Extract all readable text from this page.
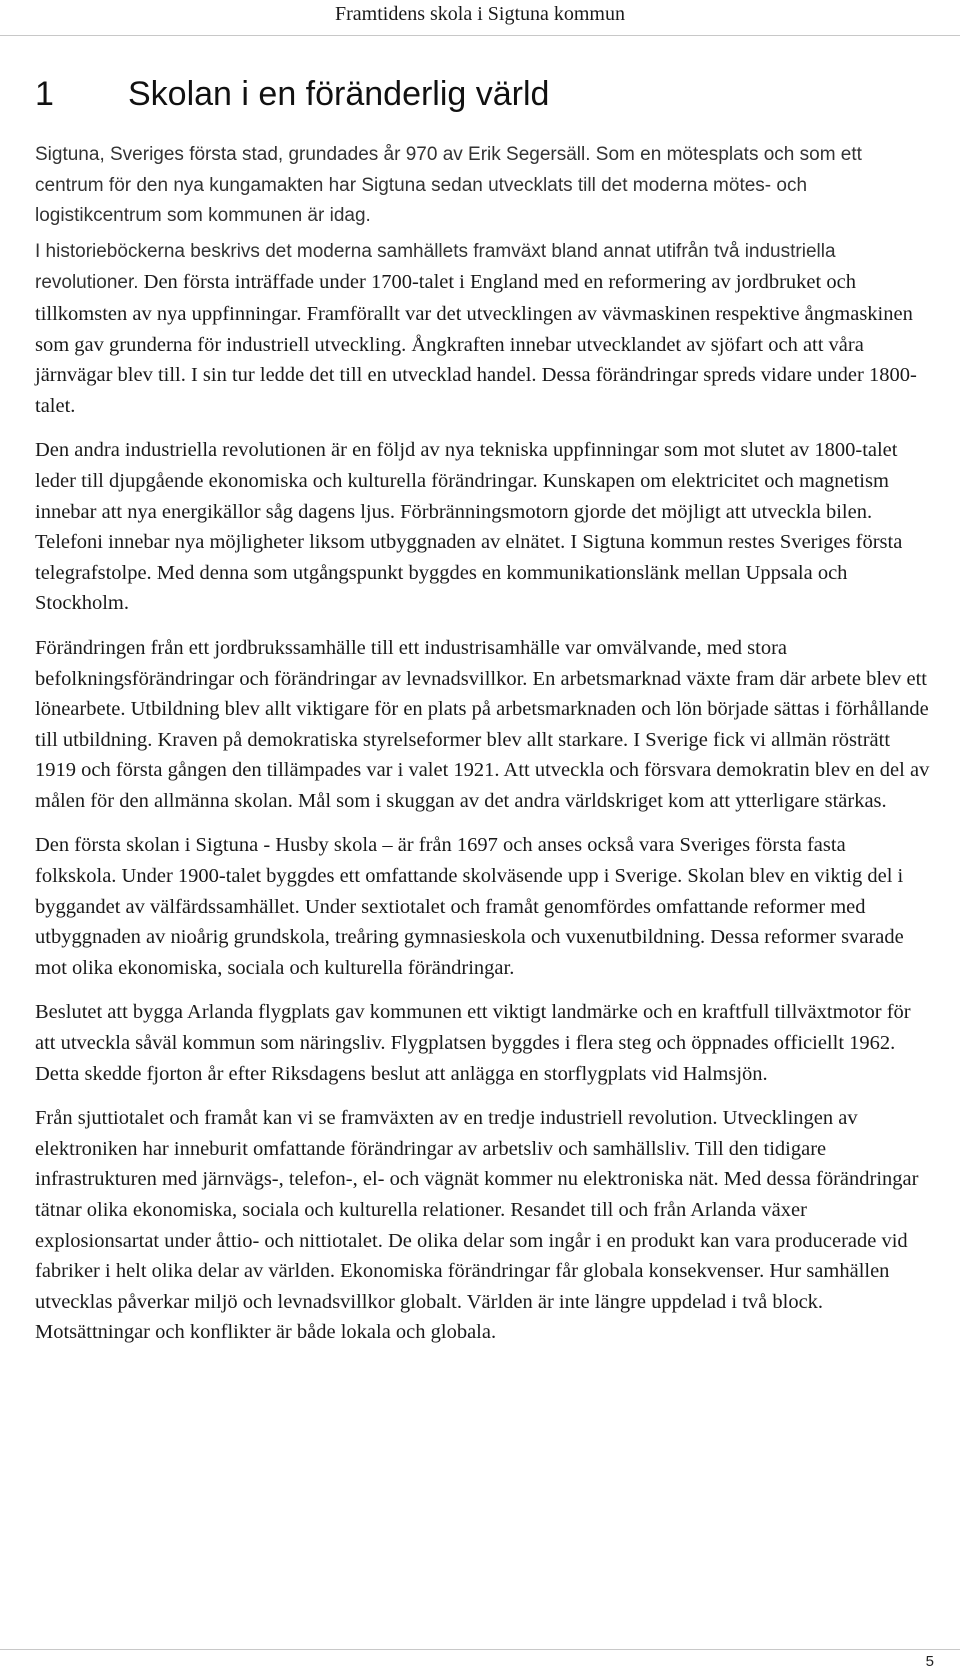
Framtidens skola i Sigtuna kommun
1 Skolan i en föränderlig värld

Sigtuna, Sveriges första stad, grundades år 970 av Erik Segersäll. Som en mötesplats och som ett centrum för den nya kungamakten har Sigtuna sedan utvecklats till det moderna mötes- och logistikcentrum som kommunen är idag.

I historieböckerna beskrivs det moderna samhällets framväxt bland annat utifrån två industriella revolutioner. Den första inträffade under 1700-talet i England med en reformering av jordbruket och tillkomsten av nya uppfinningar. Framförallt var det utvecklingen av vävmaskinen respektive ångmaskinen som gav grunderna för industriell utveckling. Ångkraften innebar utvecklandet av sjöfart och att våra järnvägar blev till. I sin tur ledde det till en utvecklad handel. Dessa förändringar spreds vidare under 1800-talet.

Den andra industriella revolutionen är en följd av nya tekniska uppfinningar som mot slutet av 1800-talet leder till djupgående ekonomiska och kulturella förändringar. Kunskapen om elektricitet och magnetism innebar att nya energikällor såg dagens ljus. Förbränningsmotorn gjorde det möjligt att utveckla bilen. Telefoni innebar nya möjligheter liksom utbyggnaden av elnätet. I Sigtuna kommun restes Sveriges första telegrafstolpe. Med denna som utgångspunkt byggdes en kommunikationslänk mellan Uppsala och Stockholm.

Förändringen från ett jordbrukssamhälle till ett industrisamhälle var omvälvande, med stora befolkningsförändringar och förändringar av levnadsvillkor. En arbetsmarknad växte fram där arbete blev ett lönearbete. Utbildning blev allt viktigare för en plats på arbetsmarknaden och lön började sättas i förhållande till utbildning. Kraven på demokratiska styrelseformer blev allt starkare. I Sverige fick vi allmän rösträtt 1919 och första gången den tillämpades var i valet 1921. Att utveckla och försvara demokratin blev en del av målen för den allmänna skolan. Mål som i skuggan av det andra världskriget kom att ytterligare stärkas.

Den första skolan i Sigtuna - Husby skola – är från 1697 och anses också vara Sveriges första fasta folkskola. Under 1900-talet byggdes ett omfattande skolväsende upp i Sverige. Skolan blev en viktig del i byggandet av välfärdssamhället. Under sextiotalet och framåt genomfördes omfattande reformer med utbyggnaden av nioårig grundskola, treåring gymnasieskola och vuxenutbildning. Dessa reformer svarade mot olika ekonomiska, sociala och kulturella förändringar.

Beslutet att bygga Arlanda flygplats gav kommunen ett viktigt landmärke och en kraftfull tillväxtmotor för att utveckla såväl kommun som näringsliv. Flygplatsen byggdes i flera steg och öppnades officiellt 1962. Detta skedde fjorton år efter Riksdagens beslut att anlägga en storflygplats vid Halmsjön.

Från sjuttiotalet och framåt kan vi se framväxten av en tredje industriell revolution. Utvecklingen av elektroniken har inneburit omfattande förändringar av arbetsliv och samhällsliv. Till den tidigare infrastrukturen med järnvägs-, telefon-, el- och vägnät kommer nu elektroniska nät. Med dessa förändringar tätnar olika ekonomiska, sociala och kulturella relationer. Resandet till och från Arlanda växer explosionsartat under åttio- och nittiotalet. De olika delar som ingår i en produkt kan vara producerade vid fabriker i helt olika delar av världen. Ekonomiska förändringar får globala konsekvenser. Hur samhällen utvecklas påverkar miljö och levnadsvillkor globalt. Världen är inte längre uppdelad i två block. Motsättningar och konflikter är både lokala och globala.

5
